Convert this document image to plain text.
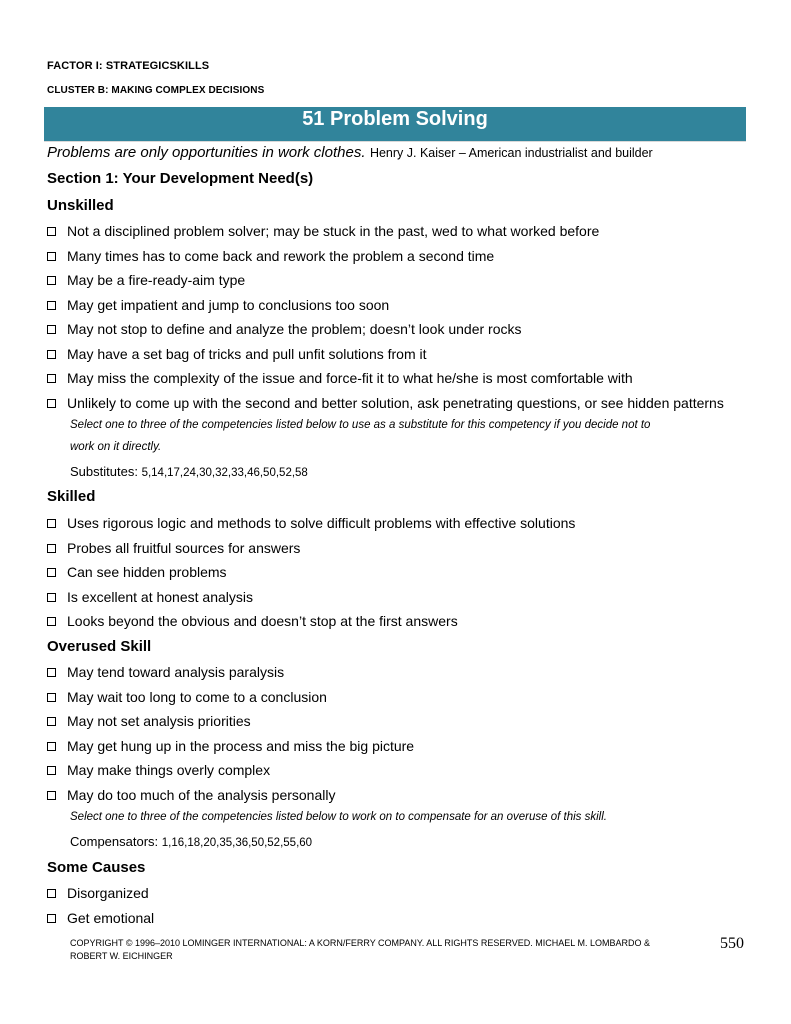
FACTOR I: STRATEGICSKILLS
CLUSTER B: MAKING COMPLEX DECISIONS
51 Problem Solving
Problems are only opportunities in work clothes. Henry J. Kaiser – American industrialist and builder
Section 1: Your Development Need(s)
Unskilled
Not a disciplined problem solver; may be stuck in the past, wed to what worked before
Many times has to come back and rework the problem a second time
May be a fire-ready-aim type
May get impatient and jump to conclusions too soon
May not stop to define and analyze the problem; doesn’t look under rocks
May have a set bag of tricks and pull unfit solutions from it
May miss the complexity of the issue and force-fit it to what he/she is most comfortable with
Unlikely to come up with the second and better solution, ask penetrating questions, or see hidden patterns
Select one to three of the competencies listed below to use as a substitute for this competency if you decide not to
work on it directly.
Substitutes: 5,14,17,24,30,32,33,46,50,52,58
Skilled
Uses rigorous logic and methods to solve difficult problems with effective solutions
Probes all fruitful sources for answers
Can see hidden problems
Is excellent at honest analysis
Looks beyond the obvious and doesn’t stop at the first answers
Overused Skill
May tend toward analysis paralysis
May wait too long to come to a conclusion
May not set analysis priorities
May get hung up in the process and miss the big picture
May make things overly complex
May do too much of the analysis personally
Select one to three of the competencies listed below to work on to compensate for an overuse of this skill.
Compensators: 1,16,18,20,35,36,50,52,55,60
Some Causes
Disorganized
Get emotional
COPYRIGHT © 1996–2010 LOMINGER INTERNATIONAL: A KORN/FERRY COMPANY. ALL RIGHTS RESERVED. MICHAEL M. LOMBARDO &
ROBERT W. EICHINGER
550
